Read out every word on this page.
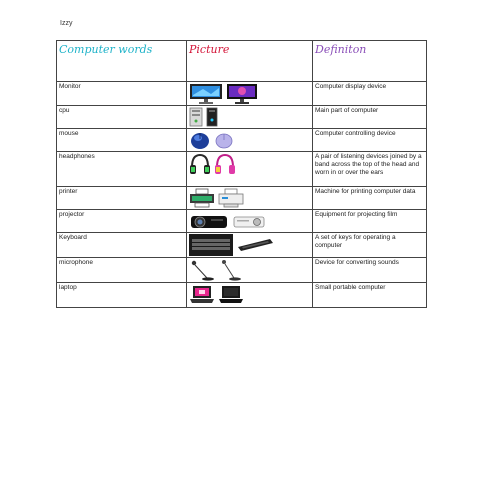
Izzy
Computer words	Picture	Definiton
Monitor		Computer display device
cpu		Main part of computer
mouse		Computer controlling device
headphones		A pair of listening devices joined by a band across the top of the head and worn in or over the ears
printer		Machine for printing computer data
projector		Equipment for projecting film
Keyboard		A set of keys for operating a computer
microphone		Device for converting sounds
laptop		Small portable computer
